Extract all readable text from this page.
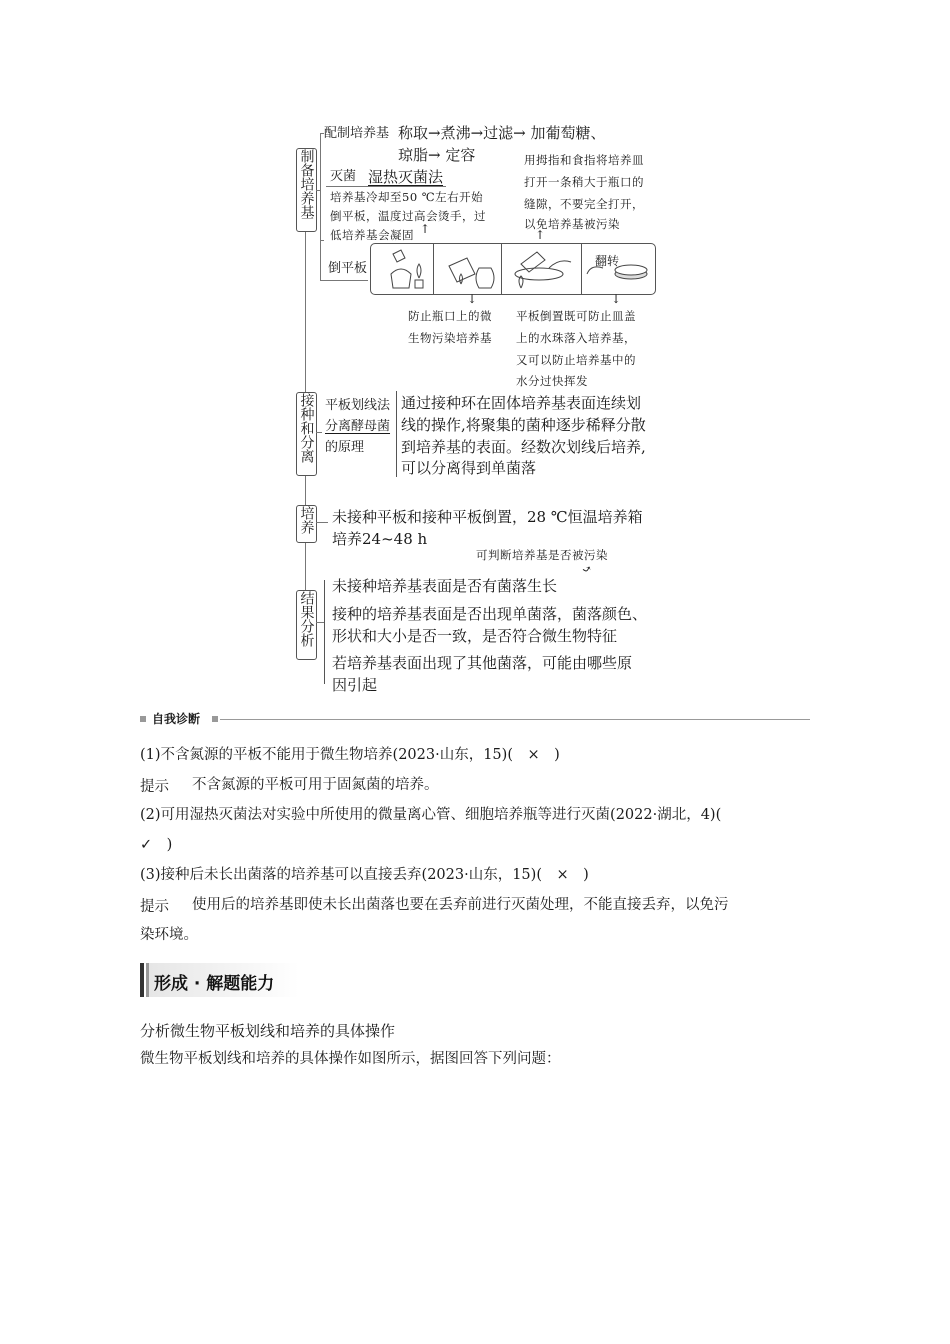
制备培养基
接种和分离
培养
结果分析
配制培养基 称取→煮沸→过滤→ 加葡萄糖、
琼脂→ 定容
灭菌 湿热灭菌法
培养基冷却至50 ℃左右开始
倒平板，温度过高会烫手，过
低培养基会凝固 ↑
用拇指和食指将培养皿
打开一条稍大于瓶口的
缝隙，不要完全打开，
以免培养基被污染
↑
倒平板	翻转
↓	↓
防止瓶口上的微
生物污染培养基
平板倒置既可防止皿盖
上的水珠落入培养基，
又可以防止培养基中的
水分过快挥发
平板划线法
分离酵母菌
的原理
通过接种环在固体培养基表面连续划
线的操作,将聚集的菌种逐步稀释分散
到培养基的表面。经数次划线后培养,
可以分离得到单菌落
未接种平板和接种平板倒置，28 ℃恒温培养箱
培养24~48 h
可判断培养基是否被污染
⤴
未接种培养基表面是否有菌落生长
接种的培养基表面是否出现单菌落，菌落颜色、
形状和大小是否一致，是否符合微生物特征
若培养基表面出现了其他菌落，可能由哪些原
因引起
自我诊断
(1)不含氮源的平板不能用于微生物培养(2023·山东，15)(　×　)
提示 不含氮源的平板可用于固氮菌的培养。
(2)可用湿热灭菌法对实验中所使用的微量离心管、细胞培养瓶等进行灭菌(2022·湖北，4)(
✓　)
(3)接种后未长出菌落的培养基可以直接丢弃(2023·山东，15)(　×　)
提示 使用后的培养基即使未长出菌落也要在丢弃前进行灭菌处理，不能直接丢弃，以免污
染环境。
形成 · 解题能力
分析微生物平板划线和培养的具体操作
微生物平板划线和培养的具体操作如图所示，据图回答下列问题：
